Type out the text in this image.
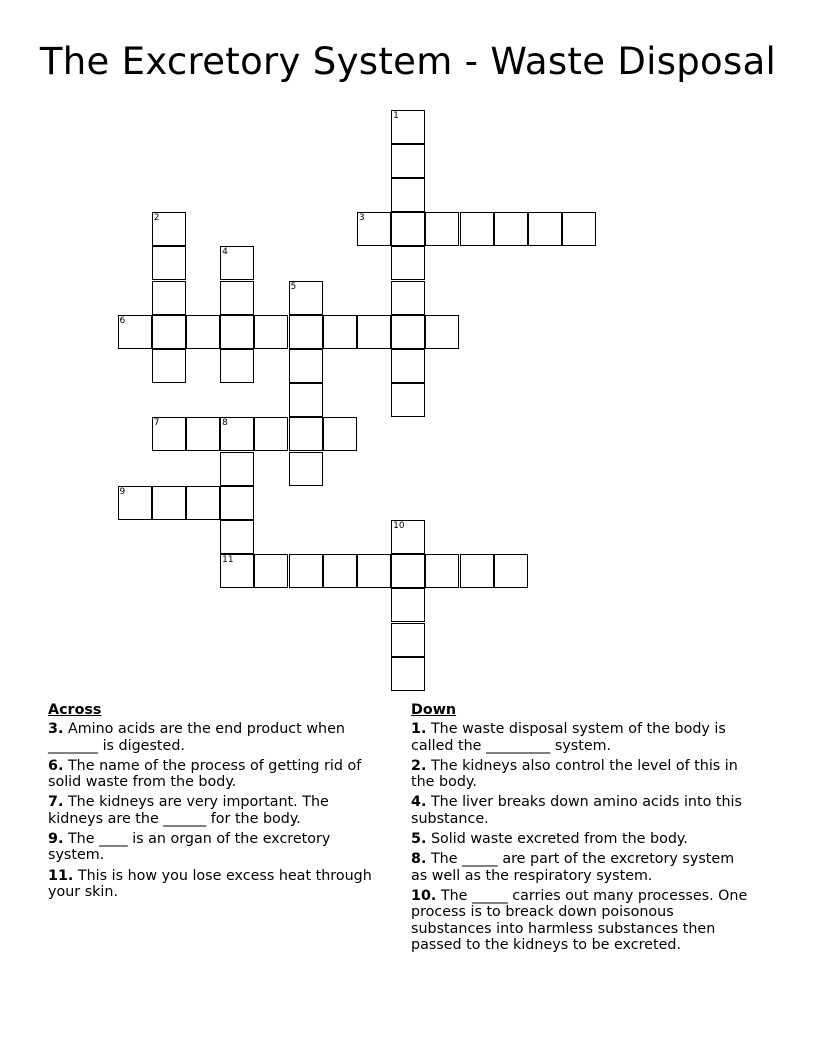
The Excretory System - Waste Disposal
1
2	3
4
5
6
7	8
9
10
11
Across
3. Amino acids are the end product when _______ is digested.
6. The name of the process of getting rid of solid waste from the body.
7. The kidneys are very important. The kidneys are the ______ for the body.
9. The ____ is an organ of the excretory system.
11. This is how you lose excess heat through your skin.
Down
1. The waste disposal system of the body is called the _________ system.
2. The kidneys also control the level of this in the body.
4. The liver breaks down amino acids into this substance.
5. Solid waste excreted from the body.
8. The _____ are part of the excretory system as well as the respiratory system.
10. The _____ carries out many processes. One process is to breack down poisonous substances into harmless substances then passed to the kidneys to be excreted.
